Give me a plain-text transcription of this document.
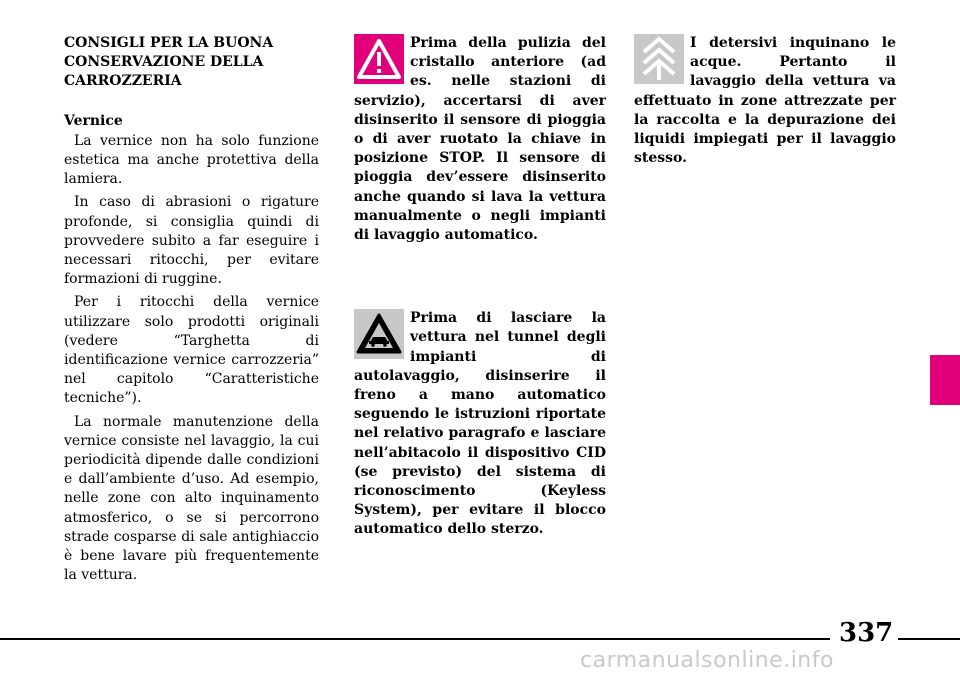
CONSIGLI PER LA BUONA CONSERVAZIONE DELLA CARROZZERIA

Vernice

La vernice non ha solo funzione estetica ma anche protettiva della lamiera.

In caso di abrasioni o rigature profonde, si consiglia quindi di provvedere subito a far eseguire i necessari ritocchi, per evitare formazioni di ruggine.

Per i ritocchi della vernice utilizzare solo prodotti originali (vedere “Targhetta di identificazione vernice carrozzeria” nel capitolo “Caratteristiche tecniche”).

La normale manutenzione della vernice consiste nel lavaggio, la cui periodicità dipende dalle condizioni e dall’ambiente d’uso. Ad esempio, nelle zone con alto inquinamento atmosferico, o se si percorrono strade cosparse di sale antighiaccio è bene lavare più frequentemente la vettura.

Prima della pulizia del cristallo anteriore (ad es. nelle stazioni di servizio), accertarsi di aver disinserito il sensore di pioggia o di aver ruotato la chiave in posizione STOP. Il sensore di pioggia dev’essere disinserito anche quando si lava la vettura manualmente o negli impianti di lavaggio automatico.

Prima di lasciare la vettura nel tunnel degli impianti di autolavaggio, disinserire il freno a mano automatico seguendo le istruzioni riportate nel relativo paragrafo e lasciare nell’abitacolo il dispositivo CID (se previsto) del sistema di riconoscimento (Keyless System), per evitare il blocco automatico dello sterzo.

I detersivi inquinano le acque. Pertanto il lavaggio della vettura va effettuato in zone attrezzate per la raccolta e la depurazione dei liquidi impiegati per il lavaggio stesso.

337
carmanualsonline.info
